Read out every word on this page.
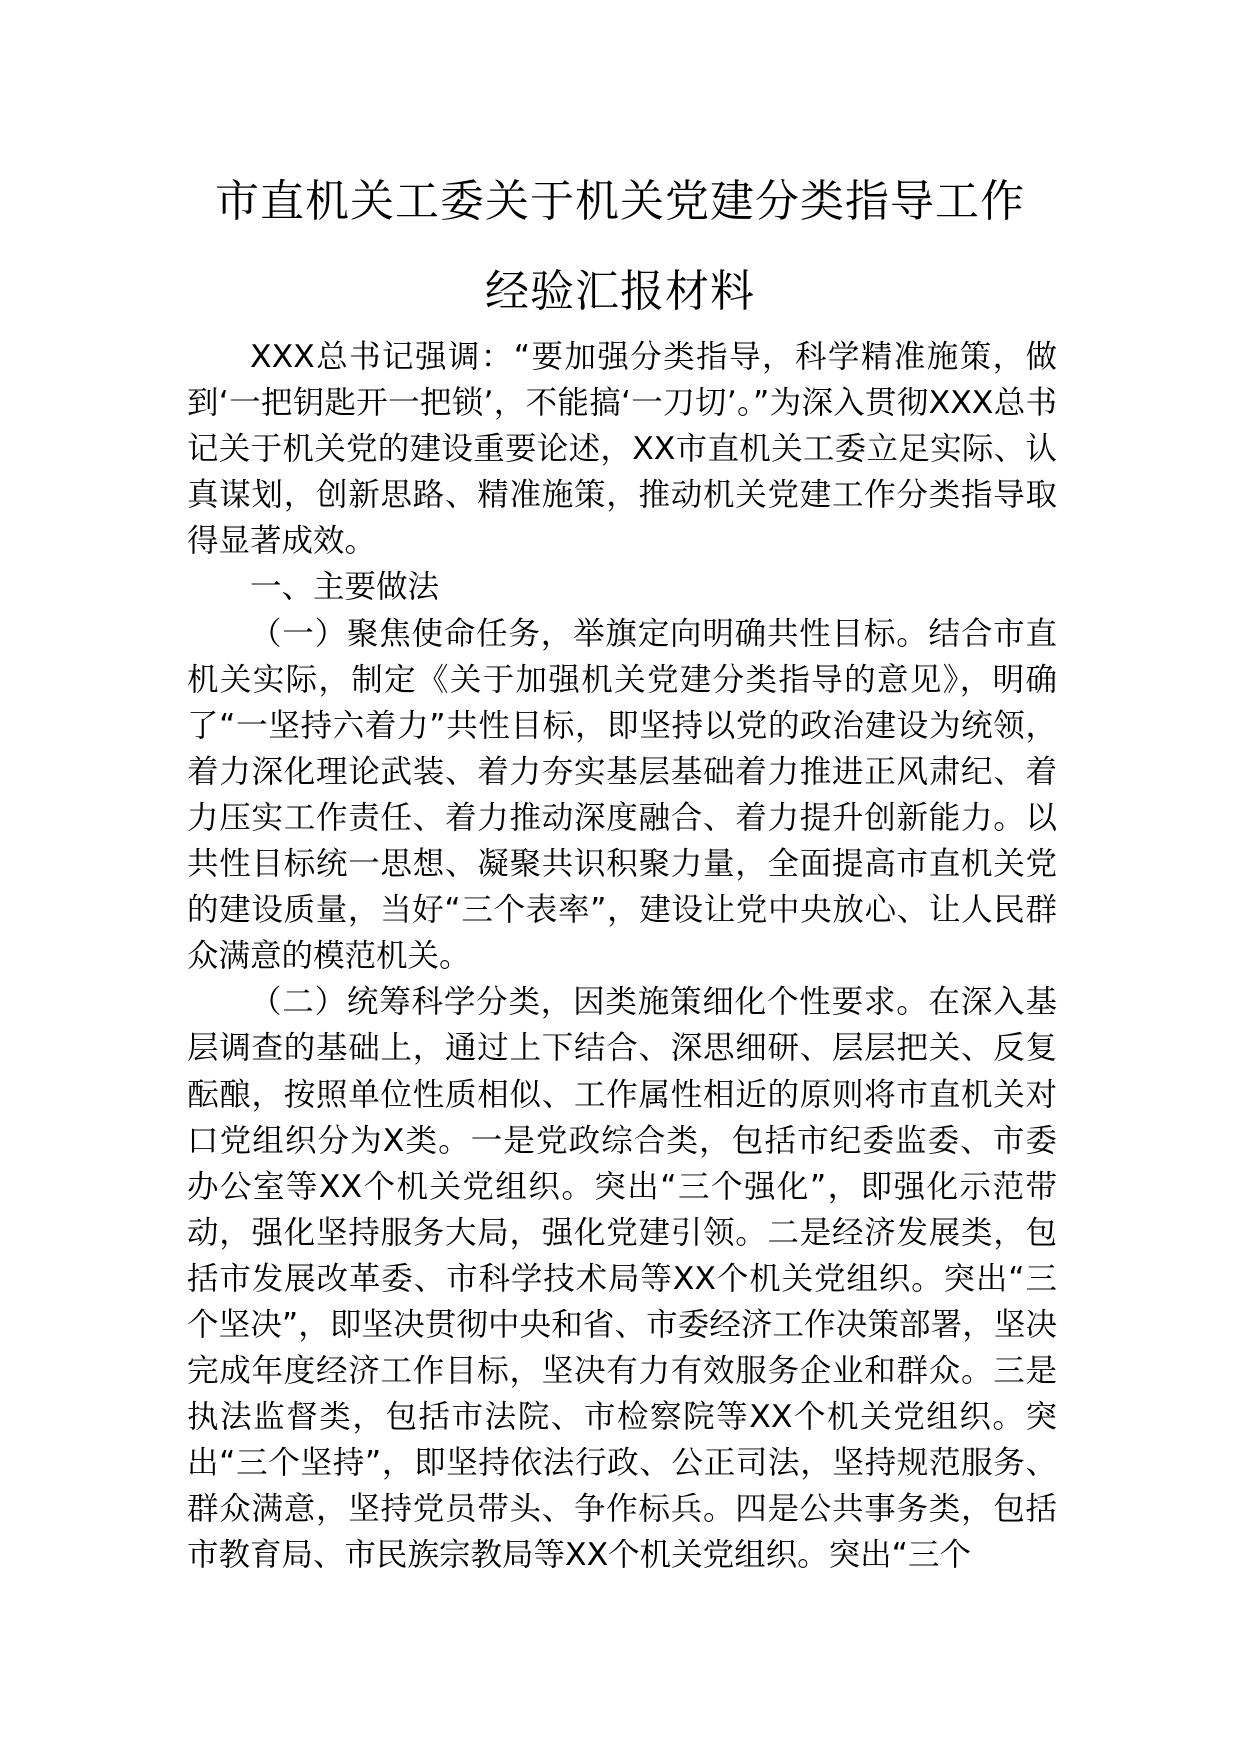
市直机关工委关于机关党建分类指导工作
经验汇报材料

XXX总书记强调：“要加强分类指导，科学精准施策，做到‘一把钥匙开一把锁’，不能搞‘一刀切’。”为深入贯彻XXX总书记关于机关党的建设重要论述，XX市直机关工委立足实际、认真谋划，创新思路、精准施策，推动机关党建工作分类指导取得显著成效。

一、主要做法

（一）聚焦使命任务，举旗定向明确共性目标。结合市直机关实际，制定《关于加强机关党建分类指导的意见》，明确了“一坚持六着力”共性目标，即坚持以党的政治建设为统领，着力深化理论武装、着力夯实基层基础着力推进正风肃纪、着力压实工作责任、着力推动深度融合、着力提升创新能力。以共性目标统一思想、凝聚共识积聚力量，全面提高市直机关党的建设质量，当好“三个表率”，建设让党中央放心、让人民群众满意的模范机关。

（二）统筹科学分类，因类施策细化个性要求。在深入基层调查的基础上，通过上下结合、深思细研、层层把关、反复酝酿，按照单位性质相似、工作属性相近的原则将市直机关对口党组织分为X类。一是党政综合类，包括市纪委监委、市委办公室等XX个机关党组织。突出“三个强化”，即强化示范带动，强化坚持服务大局，强化党建引领。二是经济发展类，包括市发展改革委、市科学技术局等XX个机关党组织。突出“三个坚决”，即坚决贯彻中央和省、市委经济工作决策部署，坚决完成年度经济工作目标，坚决有力有效服务企业和群众。三是执法监督类，包括市法院、市检察院等XX个机关党组织。突出“三个坚持”，即坚持依法行政、公正司法，坚持规范服务、群众满意，坚持党员带头、争作标兵。四是公共事务类，包括市教育局、市民族宗教局等XX个机关党组织。突出“三个
